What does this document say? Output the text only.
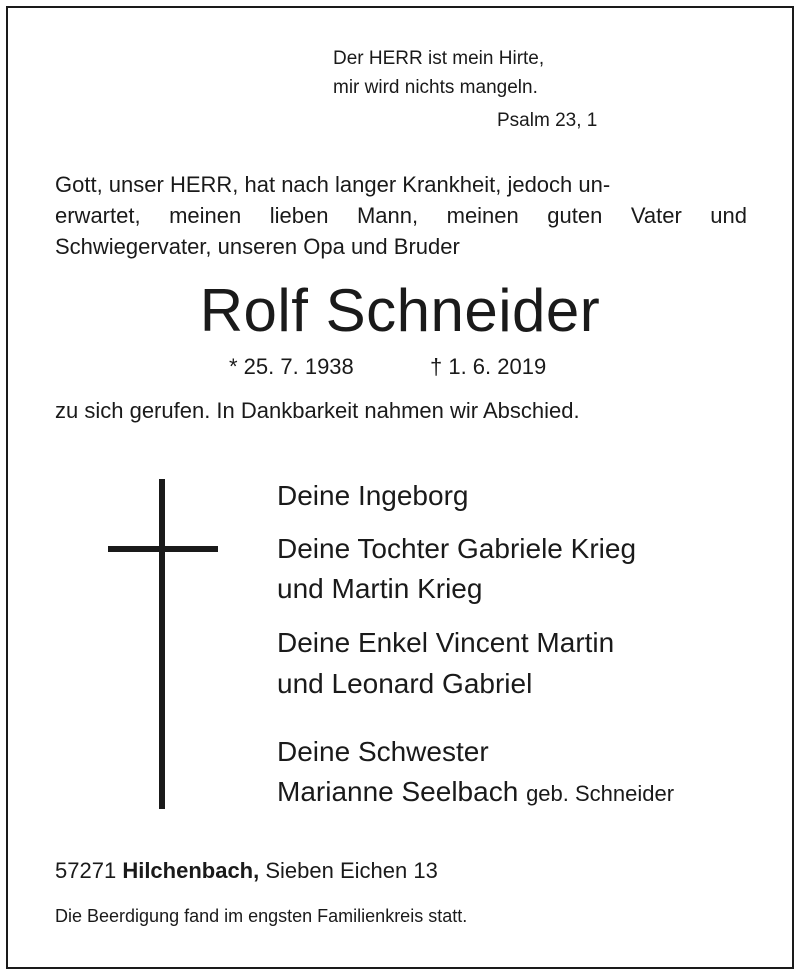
Der HERR ist mein Hirte,
mir wird nichts mangeln.
Psalm 23, 1
Gott, unser HERR, hat nach langer Krankheit, jedoch un-
erwartet, meinen lieben Mann, meinen guten Vater und
Schwiegervater, unseren Opa und Bruder
Rolf Schneider
* 25. 7. 1938	† 1. 6. 2019
zu sich gerufen. In Dankbarkeit nahmen wir Abschied.
Deine Ingeborg
Deine Tochter Gabriele Krieg
und Martin Krieg
Deine Enkel Vincent Martin
und Leonard Gabriel
Deine Schwester
Marianne Seelbach geb. Schneider
57271 Hilchenbach, Sieben Eichen 13
Die Beerdigung fand im engsten Familienkreis statt.
